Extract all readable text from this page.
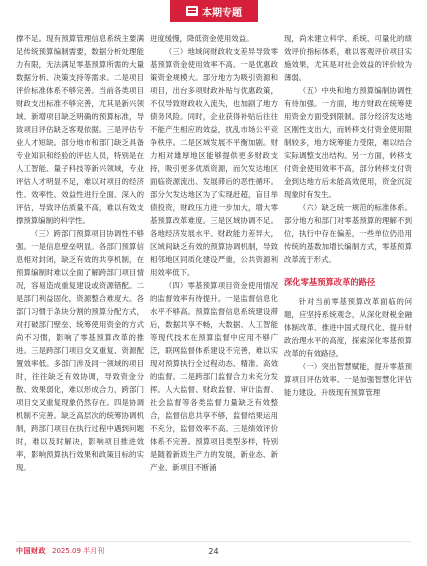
本期专题

撑不足。现有预算管理信息系统主要满足传统预算编制需要，数据分析处理能力有限，无法满足零基预算所需的大量数据分析、决策支持等需求。二是项目评价标准体系不够完善。当前各类项目财政支出标准不够完善，尤其是新兴领域、新增项目缺乏明确的预算标准，导致项目评估缺乏客观依据。三是评估专业人才短缺。部分地市和部门缺乏具备专业知识和经验的评估人员，特别是在人工智能、量子科技等新兴领域，专业评估人才明显不足，难以对项目的经济性、效率性、效益性进行全面、深入的评估，导致评估质量不高，难以有效支撑预算编制的科学性。

（三）跨部门预算项目协调性不够强。一是信息壁垒明显。各部门预算信息相对封闭，缺乏有效的共享机制，在预算编制时难以全面了解跨部门项目情况，容易造成重复建设或资源错配。二是部门利益固化，资源整合难度大。各部门习惯于条块分割的预算分配方式，对打破部门壁垒、统筹使用资金的方式尚不习惯，影响了零基预算改革的推进。三是跨部门项目交叉重复、资源配置效率低。多部门涉及同一领域的项目时，往往缺乏有效协调，导致资金分散、效果弱化，难以形成合力，跨部门项目交叉重复现象仍然存在。四是协调机制不完善。缺乏高层次的统筹协调机制，跨部门项目在执行过程中遇到问题时，难以及时解决，影响项目推进效率，影响预算执行效果和政策目标的实现。

进度缓慢，降低资金使用效益。

（三）地域间财政收支差异导致零基预算资金使用效率不高。一是优惠政策资金规模大。部分地方为吸引资源和项目，出台多项财政补贴与优惠政策，不仅导致财政收入流失，也加剧了地方债务风险。同时，企业获得补贴后往往不能产生相应的效益，扰乱市场公平竞争秩序。二是区域发展不平衡加剧。财力相对雄厚地区能够提供更多财政支持，吸引更多优质资源，而欠发达地区面临资源流出、发展滞后的恶性循环。部分欠发达地区为了实现赶超，盲目举债投资，财政压力进一步加大，增大零基预算改革难度。三是区域协调不足。各地经济发展水平、财政能力差异大，区域间缺乏有效的预算协调机制，导致相邻地区同质化建设严重，公共资源利用效率低下。

（四）零基预算项目资金使用情况的监督效率有待提升。一是监督信息化水平不够高。预算监督信息系统建设滞后，数据共享不畅，大数据、人工智能等现代技术在预算监督中应用不够广泛，联网监督体系建设不完善，难以实现对预算执行全过程动态、精准、高效的监督。二是跨部门监督合力未充分发挥。人大监督、财政监督、审计监督、社会监督等各类监督力量缺乏有效整合，监督信息共享不够，监督结果运用不充分，监督效率不高。三是绩效评价体系不完善。预算项目类型多样，特别是随着新质生产力的发展，新业态、新产业、新项目不断涌

现，尚未建立科学、系统、可量化的绩效评价指标体系，难以客观评价项目实施效果，尤其是对社会效益的评价较为薄弱。

（五）中央和地方预算编制协调性有待加强。一方面，地方财政在统筹使用资金方面受到限制。部分经济发达地区刚性支出大，而转移支付资金使用限制较多，地方统筹能力受限，难以结合实际调整支出结构。另一方面，转移支付资金使用效率不高，部分转移支付资金到达地方后未能高效使用，资金沉淀现象时有发生。

（六）缺乏统一规范的标准体系。部分地方和部门对零基预算的理解不到位，执行中存在偏差，一些单位仍沿用传统的基数加增长编制方式，零基预算改革流于形式。

深化零基预算改革的路径

针对当前零基预算改革面临的问题，应坚持系统观念，从深化财税金融体制改革、推进中国式现代化、提升财政治理水平的高度，探索深化零基预算改革的有效路径。

（一）突出智慧赋能，提升零基预算项目评估效率。一是加强智慧化评估能力建设。升级现有预算管理

中国财政 2025.09 半月刊	24
